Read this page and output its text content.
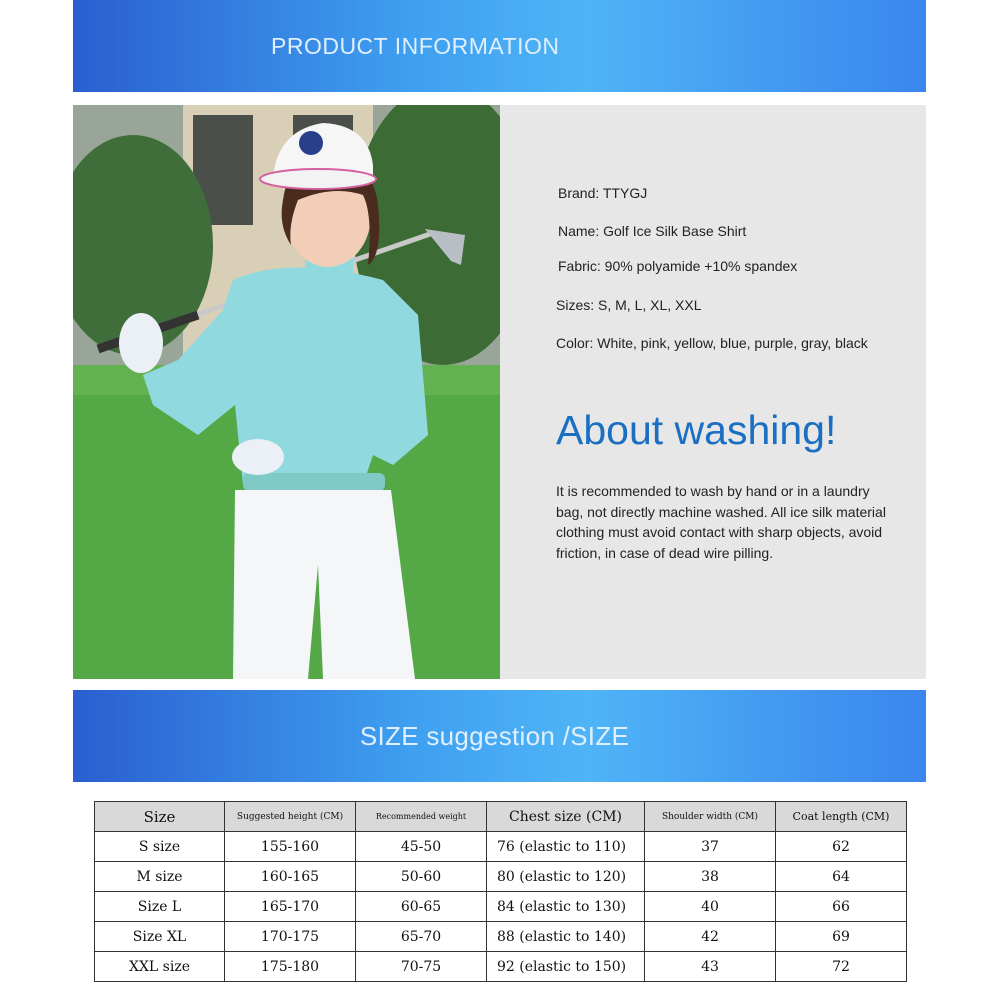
PRODUCT INFORMATION
Brand: TTYGJ
Name: Golf Ice Silk Base Shirt
Fabric: 90% polyamide +10% spandex
Sizes: S, M, L, XL, XXL
Color: White, pink, yellow, blue, purple, gray, black
About washing!
It is recommended to wash by hand or in a laundry bag, not directly machine washed. All ice silk material clothing must avoid contact with sharp objects, avoid friction, in case of dead wire pilling.
SIZE suggestion /SIZE
Size	Suggested height (CM)	Recommended weight	Chest size (CM)	Shoulder width (CM)	Coat length (CM)
S size	155-160	45-50	76 (elastic to 110)	37	62
M size	160-165	50-60	80 (elastic to 120)	38	64
Size L	165-170	60-65	84 (elastic to 130)	40	66
Size XL	170-175	65-70	88 (elastic to 140)	42	69
XXL size	175-180	70-75	92 (elastic to 150)	43	72
